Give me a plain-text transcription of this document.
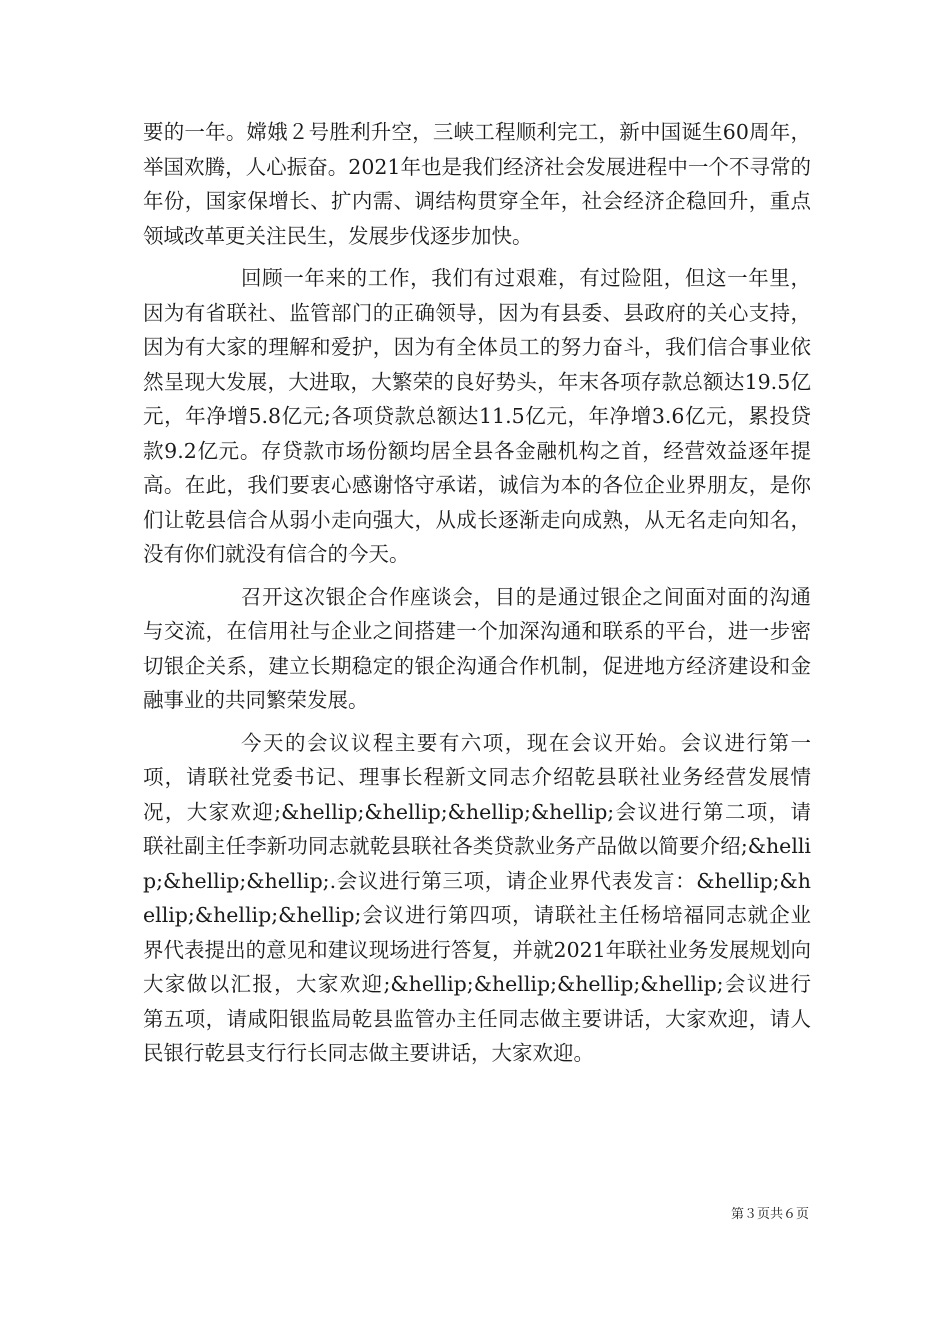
要的一年。嫦娥２号胜利升空，三峡工程顺利完工，新中国诞生60周年，举国欢腾，人心振奋。2021年也是我们经济社会发展进程中一个不寻常的年份，国家保增长、扩内需、调结构贯穿全年，社会经济企稳回升，重点领域改革更关注民生，发展步伐逐步加快。

回顾一年来的工作，我们有过艰难，有过险阻，但这一年里，因为有省联社、监管部门的正确领导，因为有县委、县政府的关心支持，因为有大家的理解和爱护，因为有全体员工的努力奋斗，我们信合事业依然呈现大发展，大进取，大繁荣的良好势头，年末各项存款总额达19.5亿元，年净增5.8亿元;各项贷款总额达11.5亿元，年净增3.6亿元，累投贷款9.2亿元。存贷款市场份额均居全县各金融机构之首，经营效益逐年提高。在此，我们要衷心感谢恪守承诺，诚信为本的各位企业界朋友，是你们让乾县信合从弱小走向强大，从成长逐渐走向成熟，从无名走向知名，没有你们就没有信合的今天。

召开这次银企合作座谈会，目的是通过银企之间面对面的沟通与交流，在信用社与企业之间搭建一个加深沟通和联系的平台，进一步密切银企关系，建立长期稳定的银企沟通合作机制，促进地方经济建设和金融事业的共同繁荣发展。

今天的会议议程主要有六项，现在会议开始。会议进行第一项，请联社党委书记、理事长程新文同志介绍乾县联社业务经营发展情况，大家欢迎;&hellip;&hellip;&hellip;&hellip;会议进行第二项，请联社副主任李新功同志就乾县联社各类贷款业务产品做以简要介绍;&hellip;&hellip;&hellip;.会议进行第三项，请企业界代表发言：&hellip;&hellip;&hellip;&hellip;会议进行第四项，请联社主任杨培福同志就企业界代表提出的意见和建议现场进行答复，并就2021年联社业务发展规划向大家做以汇报，大家欢迎;&hellip;&hellip;&hellip;&hellip;会议进行第五项，请咸阳银监局乾县监管办主任同志做主要讲话，大家欢迎，请人民银行乾县支行行长同志做主要讲话，大家欢迎。

第３页共６页
